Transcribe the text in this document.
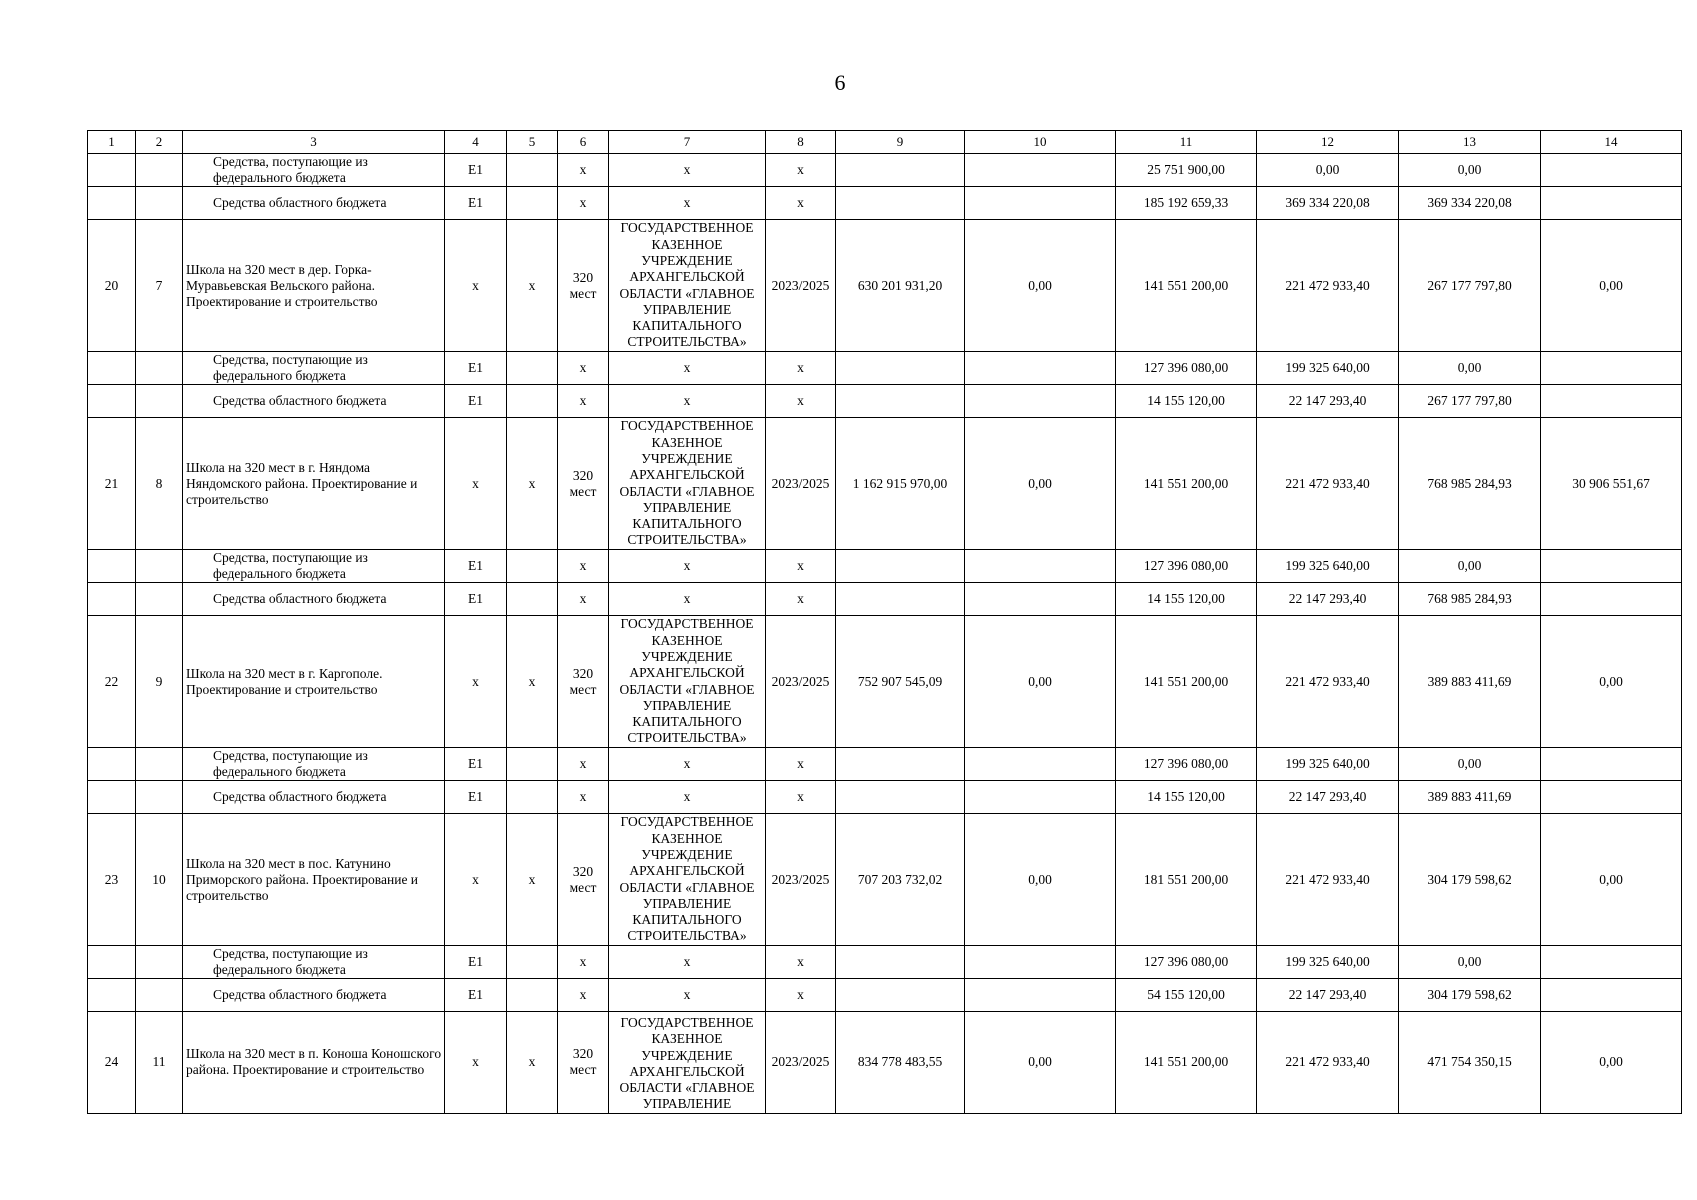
6
1	2	3	4	5	6	7	8	9	10	11	12	13	14
		Средства, поступающие из федерального бюджета	E1		x	x	x			25 751 900,00	0,00	0,00	
		Средства областного бюджета	E1		x	x	x			185 192 659,33	369 334 220,08	369 334 220,08	
20	7	Школа на 320 мест в дер. Горка-Муравьевская Вельского района. Проектирование и строительство	x	x	320 мест	ГОСУДАРСТВЕННОЕ КАЗЕННОЕ УЧРЕЖДЕНИЕ АРХАНГЕЛЬСКОЙ ОБЛАСТИ «ГЛАВНОЕ УПРАВЛЕНИЕ КАПИТАЛЬНОГО СТРОИТЕЛЬСТВА»	2023/2025	630 201 931,20	0,00	141 551 200,00	221 472 933,40	267 177 797,80	0,00
		Средства, поступающие из федерального бюджета	E1		x	x	x			127 396 080,00	199 325 640,00	0,00	
		Средства областного бюджета	E1		x	x	x			14 155 120,00	22 147 293,40	267 177 797,80	
21	8	Школа на 320 мест в г. Няндома Няндомского района. Проектирование и строительство	x	x	320 мест	ГОСУДАРСТВЕННОЕ КАЗЕННОЕ УЧРЕЖДЕНИЕ АРХАНГЕЛЬСКОЙ ОБЛАСТИ «ГЛАВНОЕ УПРАВЛЕНИЕ КАПИТАЛЬНОГО СТРОИТЕЛЬСТВА»	2023/2025	1 162 915 970,00	0,00	141 551 200,00	221 472 933,40	768 985 284,93	30 906 551,67
		Средства, поступающие из федерального бюджета	E1		x	x	x			127 396 080,00	199 325 640,00	0,00	
		Средства областного бюджета	E1		x	x	x			14 155 120,00	22 147 293,40	768 985 284,93	
22	9	Школа на 320 мест в г. Каргополе. Проектирование и строительство	x	x	320 мест	ГОСУДАРСТВЕННОЕ КАЗЕННОЕ УЧРЕЖДЕНИЕ АРХАНГЕЛЬСКОЙ ОБЛАСТИ «ГЛАВНОЕ УПРАВЛЕНИЕ КАПИТАЛЬНОГО СТРОИТЕЛЬСТВА»	2023/2025	752 907 545,09	0,00	141 551 200,00	221 472 933,40	389 883 411,69	0,00
		Средства, поступающие из федерального бюджета	E1		x	x	x			127 396 080,00	199 325 640,00	0,00	
		Средства областного бюджета	E1		x	x	x			14 155 120,00	22 147 293,40	389 883 411,69	
23	10	Школа на 320 мест в пос. Катунино Приморского района. Проектирование и строительство	x	x	320 мест	ГОСУДАРСТВЕННОЕ КАЗЕННОЕ УЧРЕЖДЕНИЕ АРХАНГЕЛЬСКОЙ ОБЛАСТИ «ГЛАВНОЕ УПРАВЛЕНИЕ КАПИТАЛЬНОГО СТРОИТЕЛЬСТВА»	2023/2025	707 203 732,02	0,00	181 551 200,00	221 472 933,40	304 179 598,62	0,00
		Средства, поступающие из федерального бюджета	E1		x	x	x			127 396 080,00	199 325 640,00	0,00	
		Средства областного бюджета	E1		x	x	x			54 155 120,00	22 147 293,40	304 179 598,62	
24	11	Школа на 320 мест в п. Коноша Коношского района. Проектирование и строительство	x	x	320 мест	ГОСУДАРСТВЕННОЕ КАЗЕННОЕ УЧРЕЖДЕНИЕ АРХАНГЕЛЬСКОЙ ОБЛАСТИ «ГЛАВНОЕ УПРАВЛЕНИЕ	2023/2025	834 778 483,55	0,00	141 551 200,00	221 472 933,40	471 754 350,15	0,00
